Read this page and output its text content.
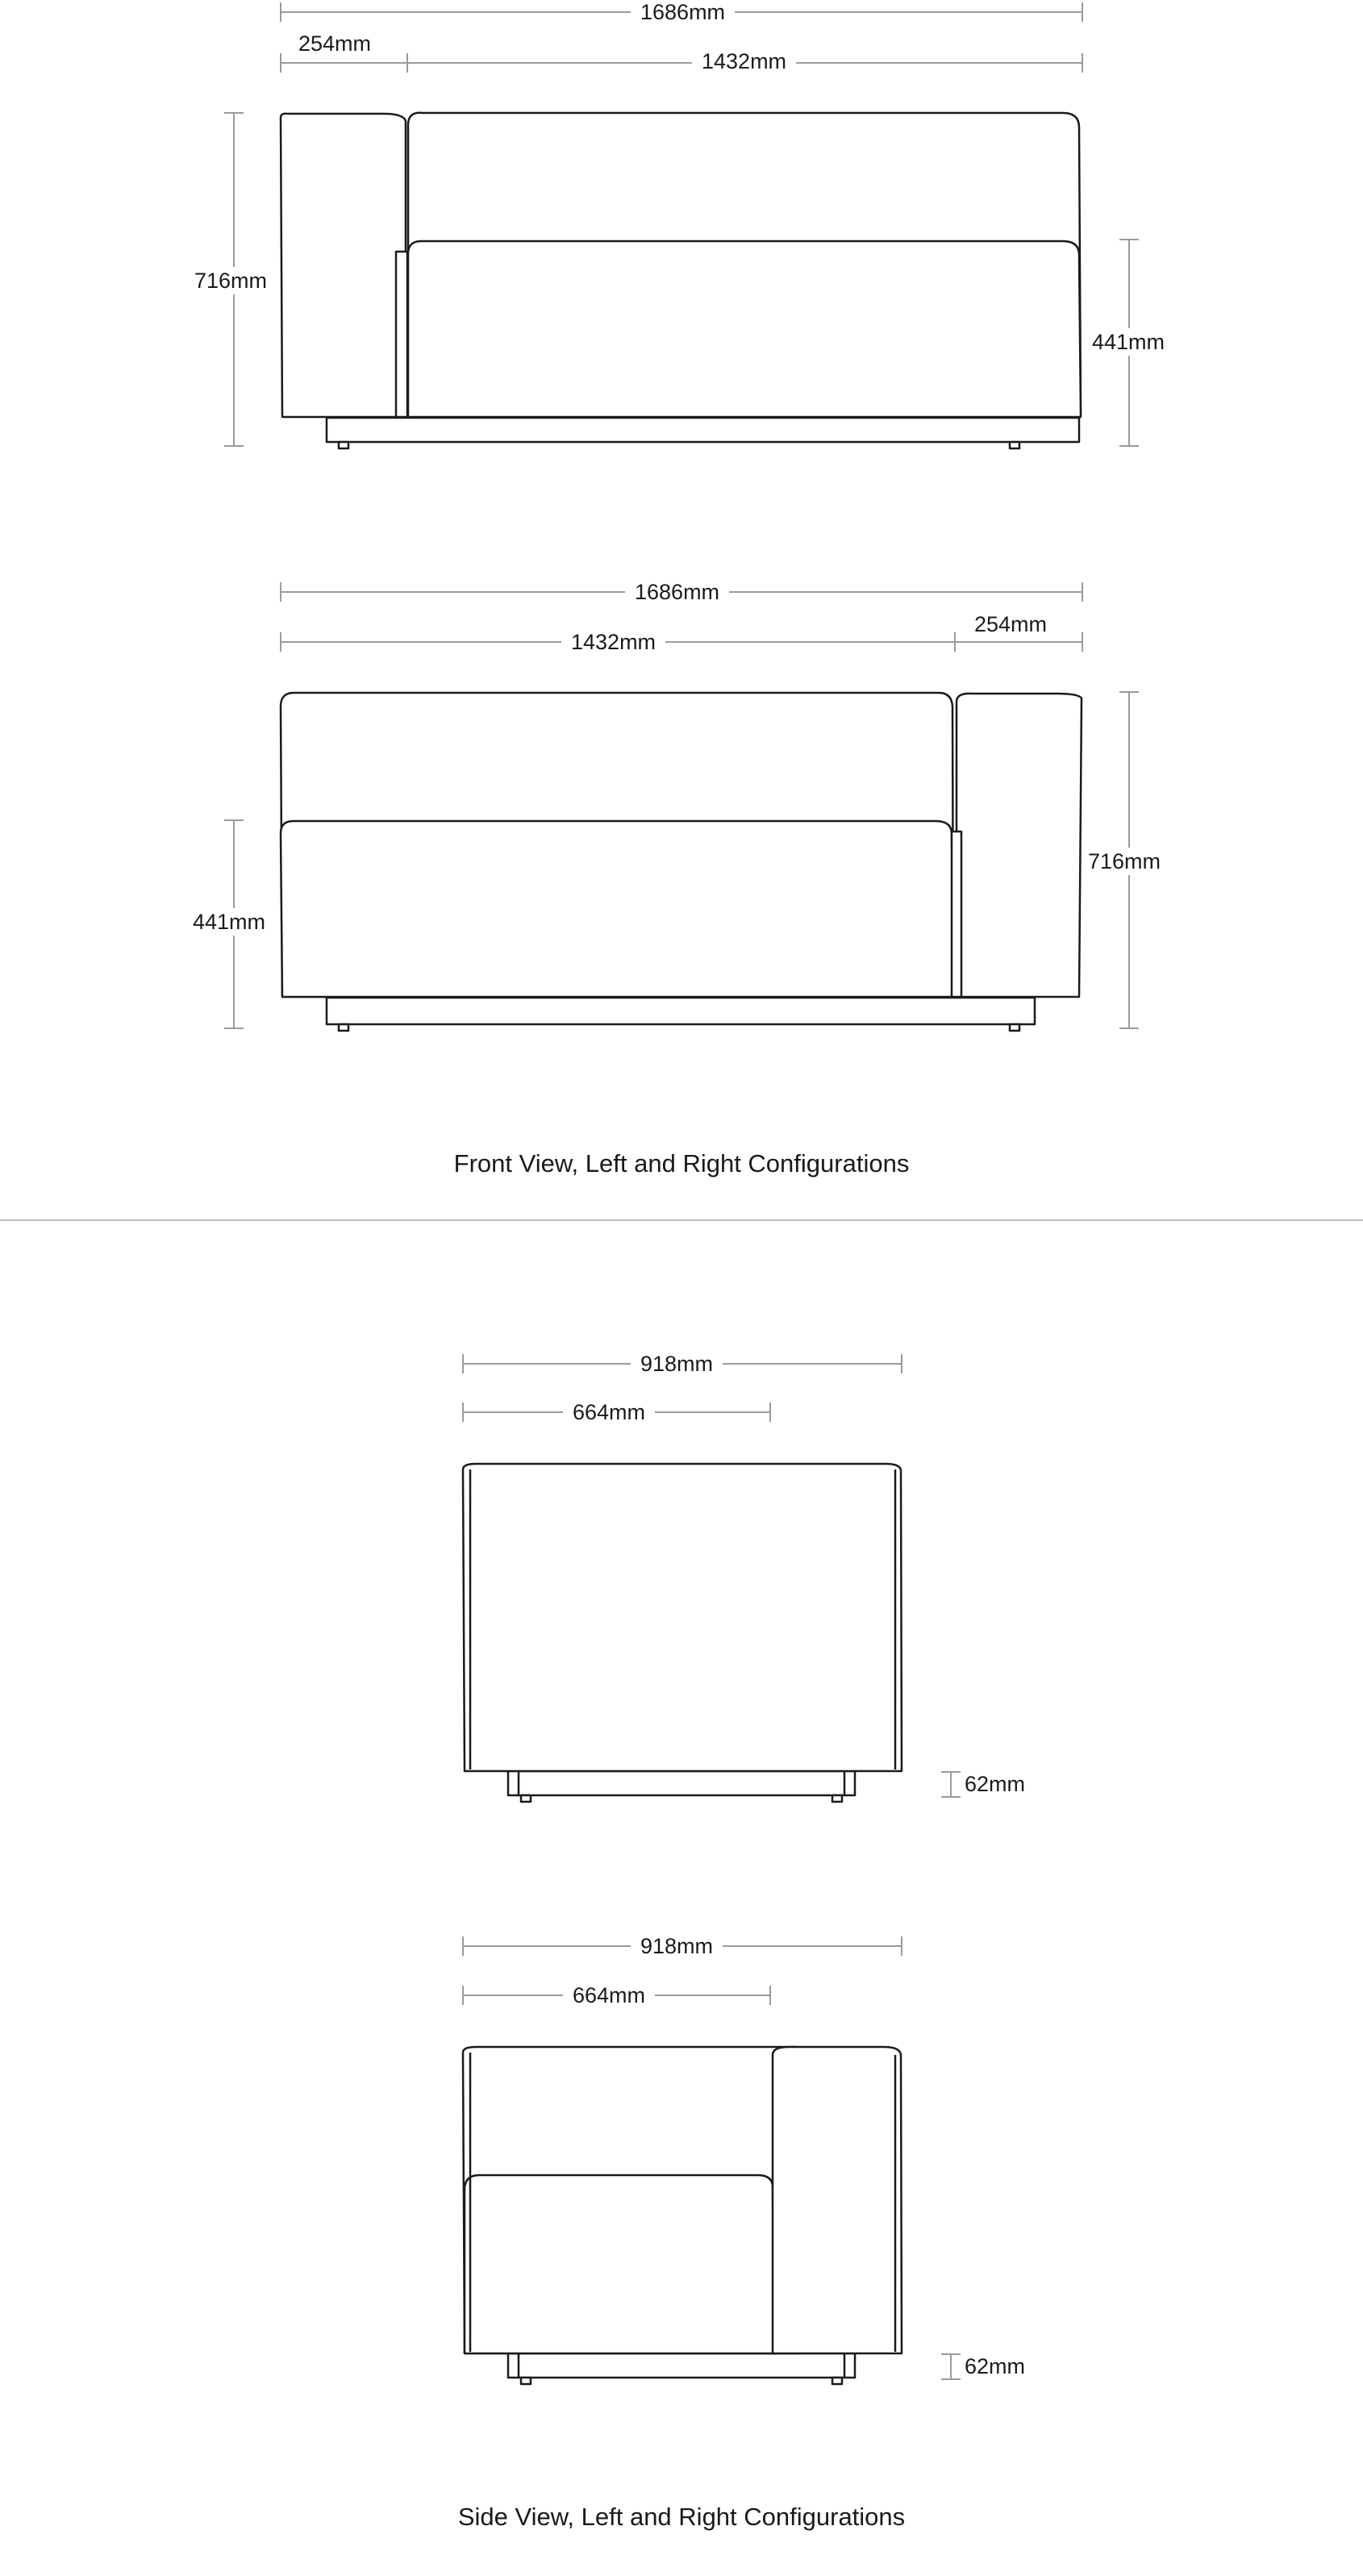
1686mm
254mm
1432mm
716mm
441mm
1686mm
1432mm
254mm
441mm
716mm
Front View, Left and Right Configurations
918mm
664mm
62mm
918mm
664mm
62mm
Side View, Left and Right Configurations
